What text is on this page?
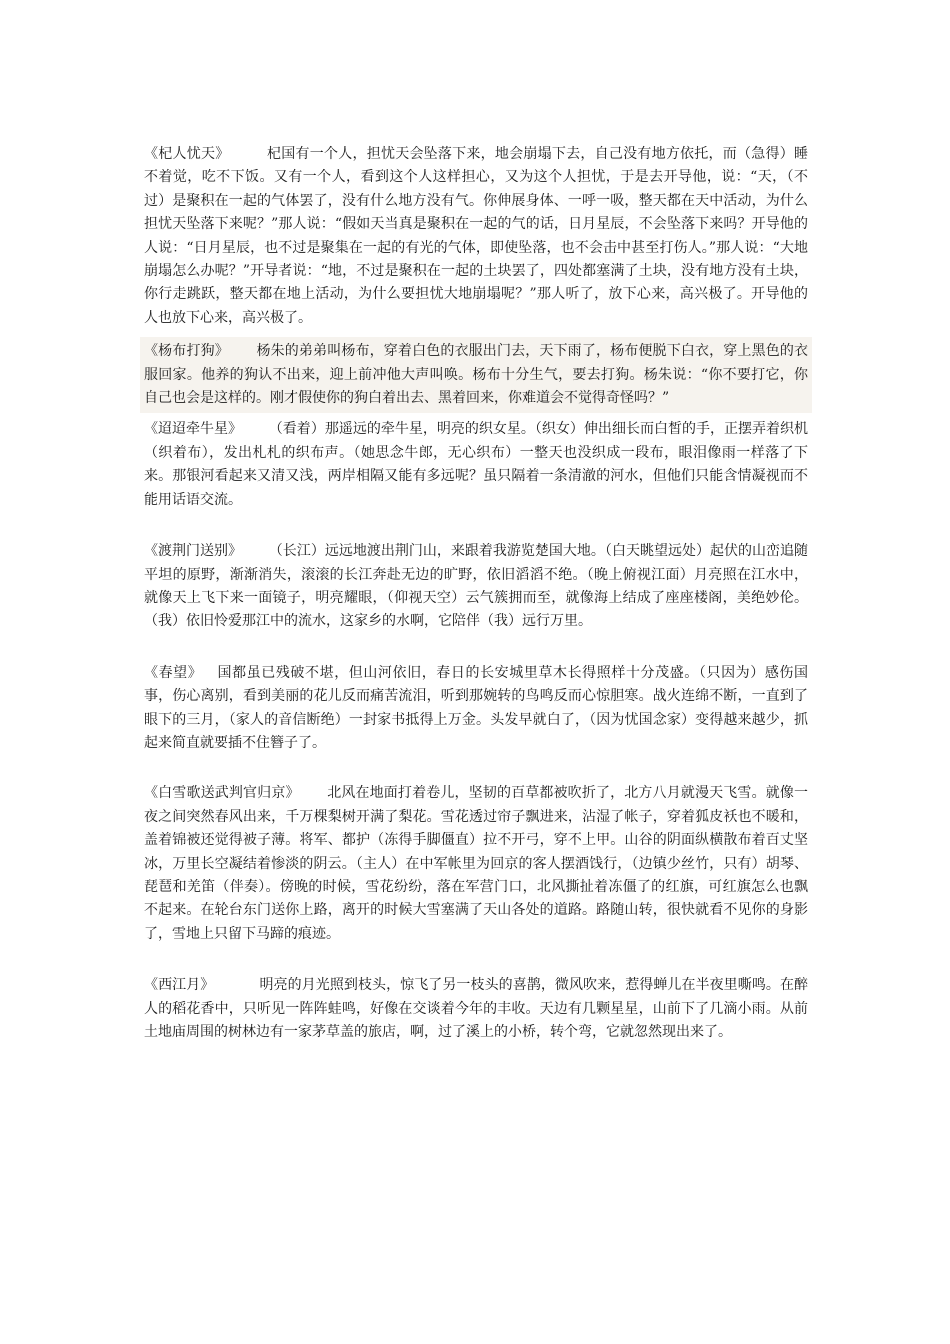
《杞人忧天》	杞国有一个人，担忧天会坠落下来，地会崩塌下去，自己没有地方依托，而（急得）睡不着觉，吃不下饭。又有一个人，看到这个人这样担心，又为这个人担忧，于是去开导他，说：“天，（不过）是聚积在一起的气体罢了，没有什么地方没有气。你伸展身体、一呼一吸，整天都在天中活动，为什么担忧天坠落下来呢？”那人说：“假如天当真是聚积在一起的气的话，日月星辰，不会坠落下来吗？开导他的人说：“日月星辰，也不过是聚集在一起的有光的气体，即使坠落，也不会击中甚至打伤人。”那人说：“大地崩塌怎么办呢？”开导者说：“地，不过是聚积在一起的土块罢了，四处都塞满了土块，没有地方没有土块，你行走跳跃，整天都在地上活动，为什么要担忧大地崩塌呢？”那人听了，放下心来，高兴极了。开导他的人也放下心来，高兴极了。

《杨布打狗》 杨朱的弟弟叫杨布，穿着白色的衣服出门去，天下雨了，杨布便脱下白衣，穿上黑色的衣服回家。他养的狗认不出来，迎上前冲他大声叫唤。杨布十分生气，要去打狗。杨朱说：“你不要打它，你自己也会是这样的。刚才假使你的狗白着出去、黑着回来，你难道会不觉得奇怪吗？”

《迢迢牵牛星》 （看着）那遥远的牵牛星，明亮的织女星。（织女）伸出细长而白皙的手，正摆弄着织机（织着布），发出札札的织布声。（她思念牛郎，无心织布）一整天也没织成一段布，眼泪像雨一样落了下来。那银河看起来又清又浅，两岸相隔又能有多远呢？虽只隔着一条清澈的河水，但他们只能含情凝视而不能用话语交流。

《渡荆门送别》 （长江）远远地渡出荆门山，来跟着我游览楚国大地。（白天眺望远处）起伏的山峦追随平坦的原野，渐渐消失，滚滚的长江奔赴无边的旷野，依旧滔滔不绝。（晚上俯视江面）月亮照在江水中，就像天上飞下来一面镜子，明亮耀眼，（仰视天空）云气簇拥而至，就像海上结成了座座楼阁，美绝妙伦。（我）依旧怜爱那江中的流水，这家乡的水啊，它陪伴（我）远行万里。

《春望》 国都虽已残破不堪，但山河依旧，春日的长安城里草木长得照样十分茂盛。（只因为）感伤国事，伤心离别，看到美丽的花儿反而痛苦流泪，听到那婉转的鸟鸣反而心惊胆寒。战火连绵不断，一直到了眼下的三月，（家人的音信断绝）一封家书抵得上万金。头发早就白了，（因为忧国念家）变得越来越少，抓起来简直就要插不住簪子了。

《白雪歌送武判官归京》 北风在地面打着卷儿，坚韧的百草都被吹折了，北方八月就漫天飞雪。就像一夜之间突然春风出来，千万棵梨树开满了梨花。雪花透过帘子飘进来，沾湿了帐子，穿着狐皮袄也不暖和，盖着锦被还觉得被子薄。将军、都护（冻得手脚僵直）拉不开弓，穿不上甲。山谷的阴面纵横散布着百丈坚冰，万里长空凝结着惨淡的阴云。（主人）在中军帐里为回京的客人摆酒饯行，（边镇少丝竹，只有）胡琴、琵琶和羌笛（伴奏）。傍晚的时候，雪花纷纷，落在军营门口，北风撕扯着冻僵了的红旗，可红旗怎么也飘不起来。在轮台东门送你上路，离开的时候大雪塞满了天山各处的道路。路随山转，很快就看不见你的身影了，雪地上只留下马蹄的痕迹。

《西江月》	明亮的月光照到枝头，惊飞了另一枝头的喜鹊，微风吹来，惹得蝉儿在半夜里嘶鸣。在醉人的稻花香中，只听见一阵阵蛙鸣，好像在交谈着今年的丰收。天边有几颗星星，山前下了几滴小雨。从前土地庙周围的树林边有一家茅草盖的旅店，啊，过了溪上的小桥，转个弯，它就忽然现出来了。
